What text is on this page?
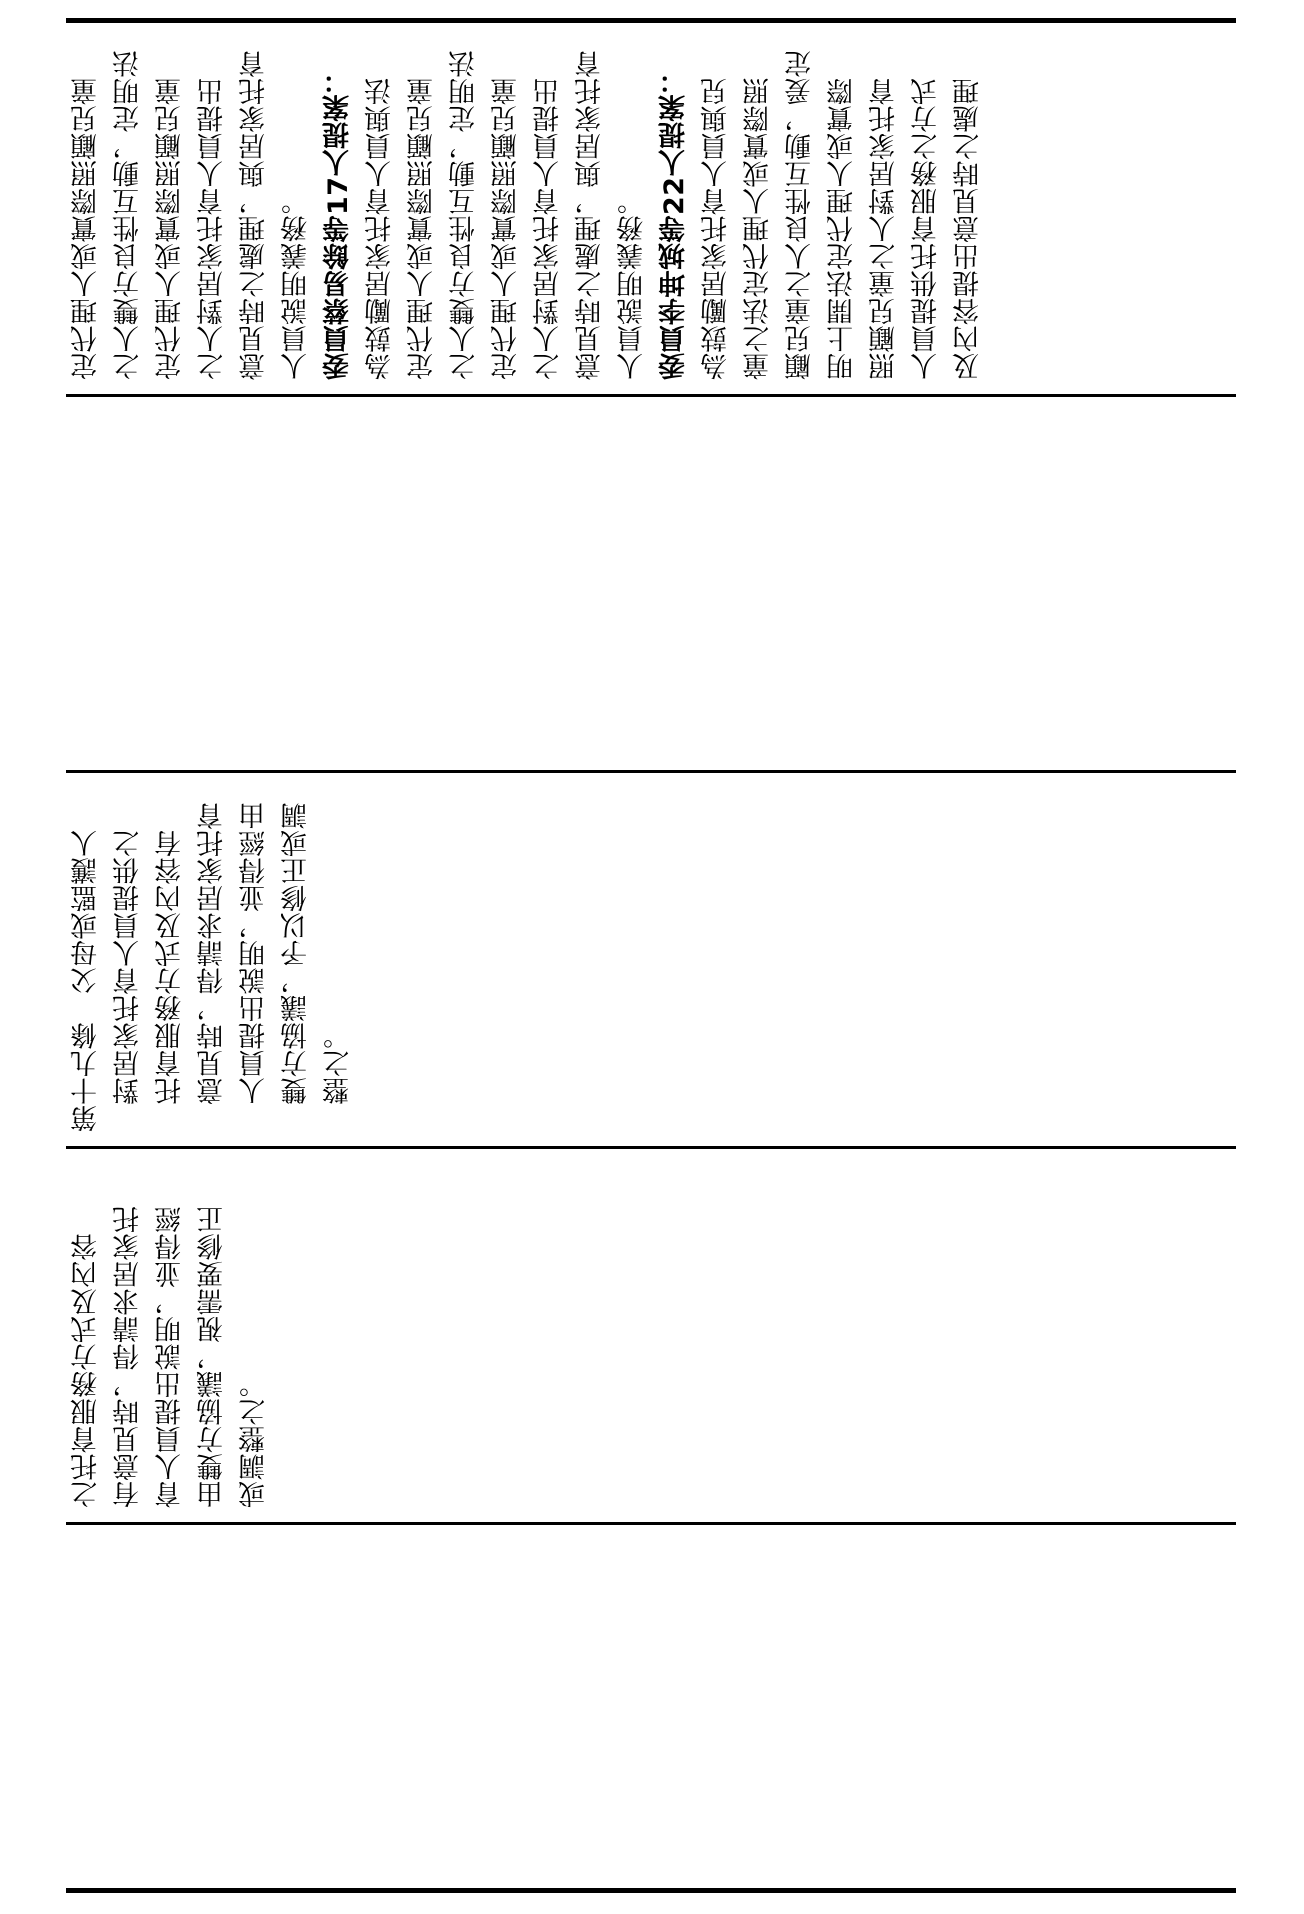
定代理人或實際照顧兒童 之人雙方良性互動，定明法 定代理人或實際照顧兒童 之人對居家托育人員提出 意見時之處理，與居家托育 人員說明義務。 委員蔡易餘等17人提案： 為鼓勵居家托育人員與法 定代理人或實際照顧兒童 之人雙方良性互動，定明法 定代理人或實際照顧兒童 之人對居家托育人員提出 意見時之處理，與居家托育 人員說明義務。 委員李坤城等22人提案： 為鼓勵居家托育人員與兒 童之法定代理人或實際照 顧兒童之人良性互動，爰定 明上開法定代理人或實際 照顧兒童之人對居家托育 人員提供托育服務之方式 及內容提出意見時之處理
第十九條　父母或監護人 　對居家托育人員提供之 　托育服務方式及內容有 　意見時，得請求居家托育 　人員提出說明，並得經由 　雙方協議，予以修正或調 　整之。
之托育服務方式及內容 有意見時，得請求居家托 育人員提出說明，並得經 由雙方協議，視需要修正 或調整之。
